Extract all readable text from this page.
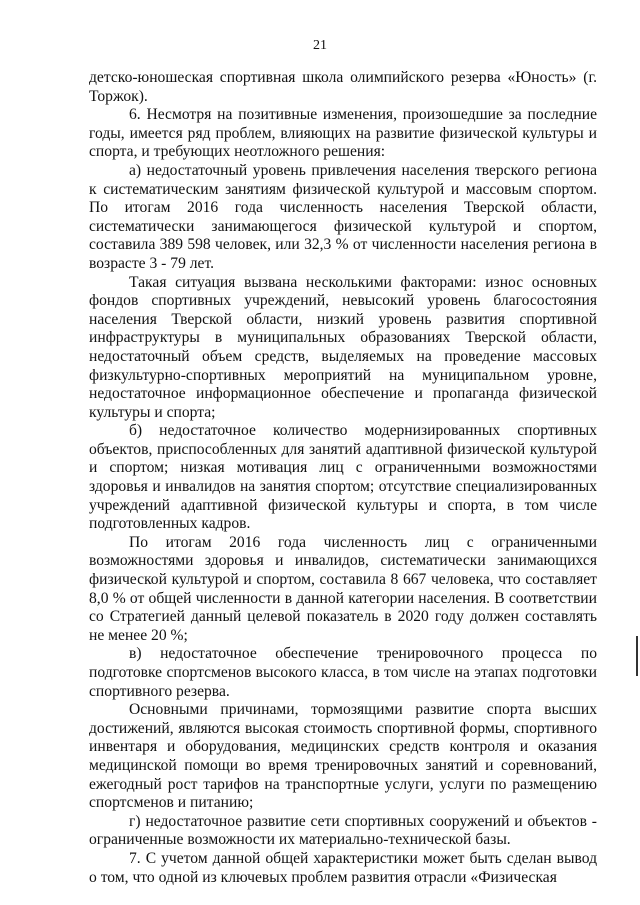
21

детско-юношеская спортивная школа олимпийского резерва «Юность» (г. Торжок).

6. Несмотря на позитивные изменения, произошедшие за последние годы, имеется ряд проблем, влияющих на развитие физической культуры и спорта, и требующих неотложного решения:

а) недостаточный уровень привлечения населения тверского региона к систематическим занятиям физической культурой и массовым спортом. По итогам 2016 года численность населения Тверской области, систематически занимающегося физической культурой и спортом, составила 389 598 человек, или 32,3 % от численности населения региона в возрасте 3 - 79 лет.

Такая ситуация вызвана несколькими факторами: износ основных фондов спортивных учреждений, невысокий уровень благосостояния населения Тверской области, низкий уровень развития спортивной инфраструктуры в муниципальных образованиях Тверской области, недостаточный объем средств, выделяемых на проведение массовых физкультурно-спортивных мероприятий на муниципальном уровне, недостаточное информационное обеспечение и пропаганда физической культуры и спорта;

б) недостаточное количество модернизированных спортивных объектов, приспособленных для занятий адаптивной физической культурой и спортом; низкая мотивация лиц с ограниченными возможностями здоровья и инвалидов на занятия спортом; отсутствие специализированных учреждений адаптивной физической культуры и спорта, в том числе подготовленных кадров.

По итогам 2016 года численность лиц с ограниченными возможностями здоровья и инвалидов, систематически занимающихся физической культурой и спортом, составила 8 667 человека, что составляет 8,0 % от общей численности в данной категории населения. В соответствии со Стратегией данный целевой показатель в 2020 году должен составлять не менее 20 %;

в) недостаточное обеспечение тренировочного процесса по подготовке спортсменов высокого класса, в том числе на этапах подготовки спортивного резерва.

Основными причинами, тормозящими развитие спорта высших достижений, являются высокая стоимость спортивной формы, спортивного инвентаря и оборудования, медицинских средств контроля и оказания медицинской помощи во время тренировочных занятий и соревнований, ежегодный рост тарифов на транспортные услуги, услуги по размещению спортсменов и питанию;

г) недостаточное развитие сети спортивных сооружений и объектов - ограниченные возможности их материально-технической базы.

7. С учетом данной общей характеристики может быть сделан вывод о том, что одной из ключевых проблем развития отрасли «Физическая
